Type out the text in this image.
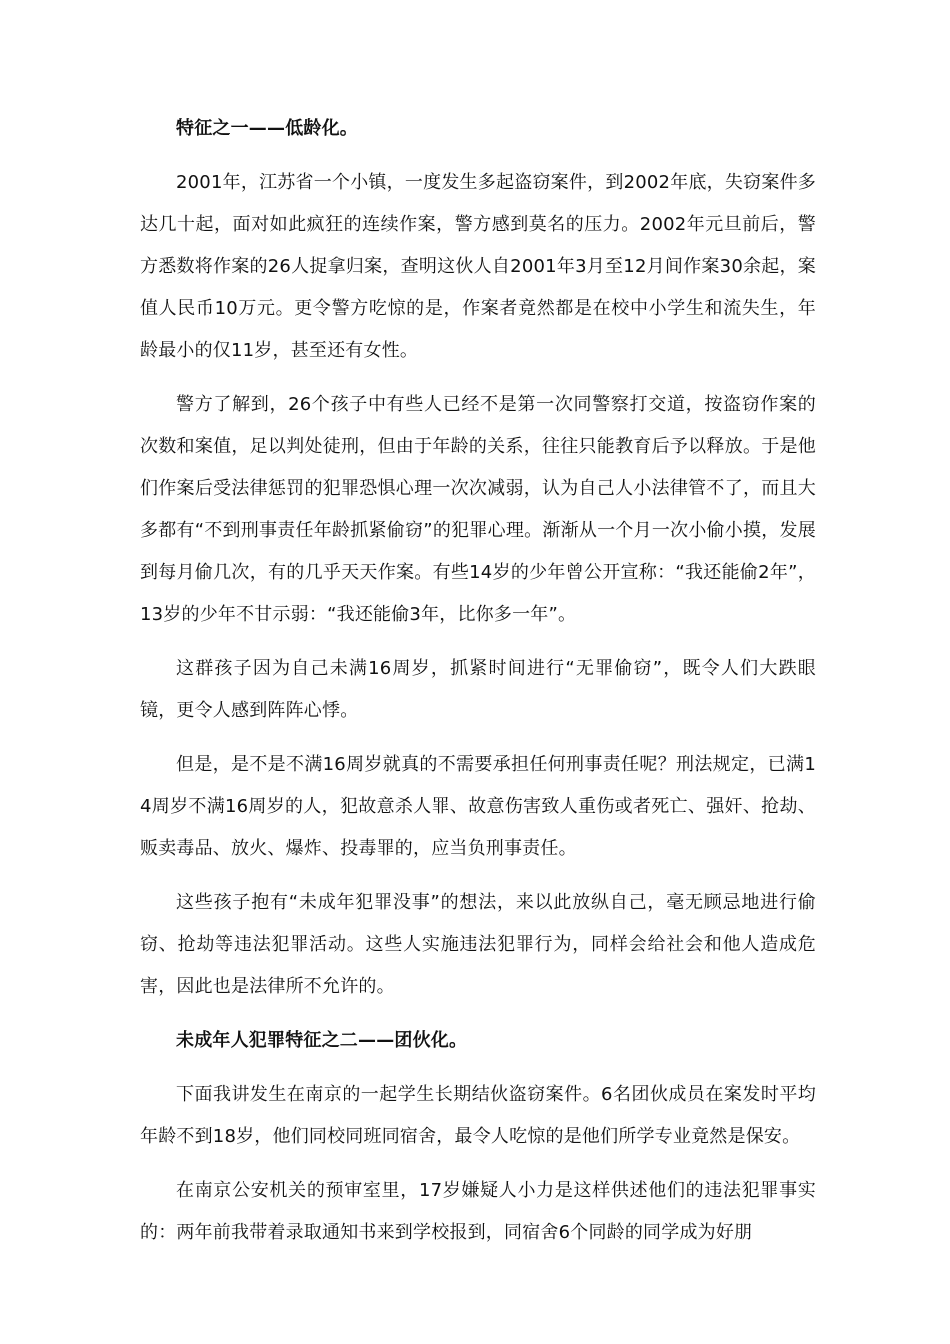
特征之一——低龄化。

2001年，江苏省一个小镇，一度发生多起盗窃案件，到2002年底，失窃案件多达几十起，面对如此疯狂的连续作案，警方感到莫名的压力。2002年元旦前后，警方悉数将作案的26人捉拿归案，查明这伙人自2001年3月至12月间作案30余起，案值人民币10万元。更令警方吃惊的是，作案者竟然都是在校中小学生和流失生，年龄最小的仅11岁，甚至还有女性。

警方了解到，26个孩子中有些人已经不是第一次同警察打交道，按盗窃作案的次数和案值，足以判处徒刑，但由于年龄的关系，往往只能教育后予以释放。于是他们作案后受法律惩罚的犯罪恐惧心理一次次减弱，认为自己人小法律管不了，而且大多都有“不到刑事责任年龄抓紧偷窃”的犯罪心理。渐渐从一个月一次小偷小摸，发展到每月偷几次，有的几乎天天作案。有些14岁的少年曾公开宣称：“我还能偷2年”，13岁的少年不甘示弱：“我还能偷3年，比你多一年”。

这群孩子因为自己未满16周岁，抓紧时间进行“无罪偷窃”，既令人们大跌眼镜，更令人感到阵阵心悸。

但是，是不是不满16周岁就真的不需要承担任何刑事责任呢？刑法规定，已满14周岁不满16周岁的人，犯故意杀人罪、故意伤害致人重伤或者死亡、强奸、抢劫、贩卖毒品、放火、爆炸、投毒罪的，应当负刑事责任。

这些孩子抱有“未成年犯罪没事”的想法，来以此放纵自己，毫无顾忌地进行偷窃、抢劫等违法犯罪活动。这些人实施违法犯罪行为，同样会给社会和他人造成危害，因此也是法律所不允许的。

未成年人犯罪特征之二——团伙化。

下面我讲发生在南京的一起学生长期结伙盗窃案件。6名团伙成员在案发时平均年龄不到18岁，他们同校同班同宿舍，最令人吃惊的是他们所学专业竟然是保安。

在南京公安机关的预审室里，17岁嫌疑人小力是这样供述他们的违法犯罪事实的：两年前我带着录取通知书来到学校报到，同宿舍6个同龄的同学成为好朋
